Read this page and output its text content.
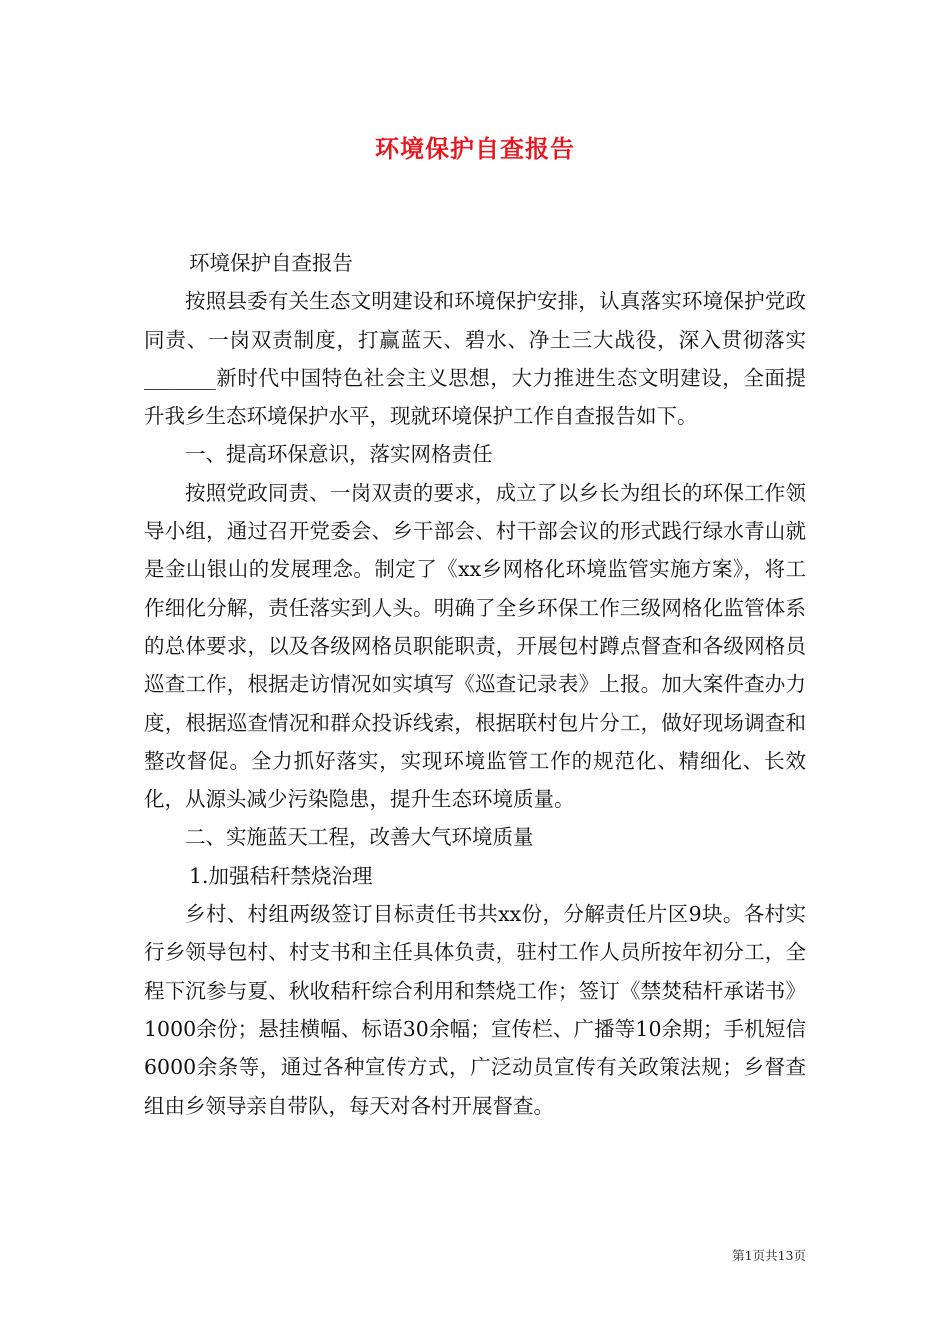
环境保护自查报告

环境保护自查报告

按照县委有关生态文明建设和环境保护安排，认真落实环境保护党政同责、一岗双责制度，打赢蓝天、碧水、净土三大战役，深入贯彻落实_______新时代中国特色社会主义思想，大力推进生态文明建设，全面提升我乡生态环境保护水平，现就环境保护工作自查报告如下。

一、提高环保意识，落实网格责任

按照党政同责、一岗双责的要求，成立了以乡长为组长的环保工作领导小组，通过召开党委会、乡干部会、村干部会议的形式践行绿水青山就是金山银山的发展理念。制定了《xx乡网格化环境监管实施方案》，将工作细化分解，责任落实到人头。明确了全乡环保工作三级网格化监管体系的总体要求，以及各级网格员职能职责，开展包村蹲点督查和各级网格员巡查工作，根据走访情况如实填写《巡查记录表》上报。加大案件查办力度，根据巡查情况和群众投诉线索，根据联村包片分工，做好现场调查和整改督促。全力抓好落实，实现环境监管工作的规范化、精细化、长效化，从源头减少污染隐患，提升生态环境质量。

二、实施蓝天工程，改善大气环境质量

1.加强秸秆禁烧治理

乡村、村组两级签订目标责任书共xx份，分解责任片区9块。各村实行乡领导包村、村支书和主任具体负责，驻村工作人员所按年初分工，全程下沉参与夏、秋收秸秆综合利用和禁烧工作；签订《禁焚秸杆承诺书》1000余份；悬挂横幅、标语30余幅；宣传栏、广播等10余期；手机短信6000余条等，通过各种宣传方式，广泛动员宣传有关政策法规；乡督查组由乡领导亲自带队，每天对各村开展督查。

第1页共13页
